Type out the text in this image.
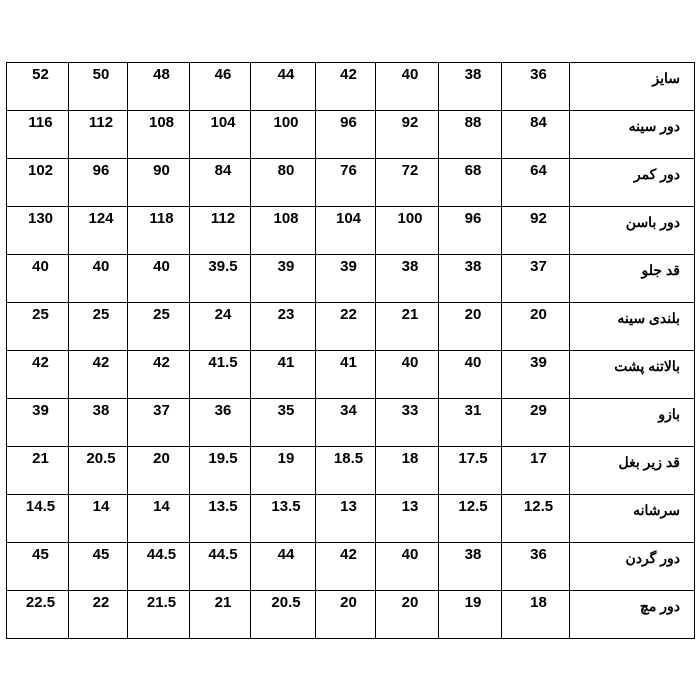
52	50	48	46	44	42	40	38	36	سایز
116	112	108	104	100	96	92	88	84	دور سینه
102	96	90	84	80	76	72	68	64	دور کمر
130	124	118	112	108	104	100	96	92	دور باسن
40	40	40	39.5	39	39	38	38	37	قد جلو
25	25	25	24	23	22	21	20	20	بلندی سینه
42	42	42	41.5	41	41	40	40	39	بالاتنه پشت
39	38	37	36	35	34	33	31	29	بازو
21	20.5	20	19.5	19	18.5	18	17.5	17	قد زیر بغل
14.5	14	14	13.5	13.5	13	13	12.5	12.5	سرشانه
45	45	44.5	44.5	44	42	40	38	36	دور گردن
22.5	22	21.5	21	20.5	20	20	19	18	دور مچ
